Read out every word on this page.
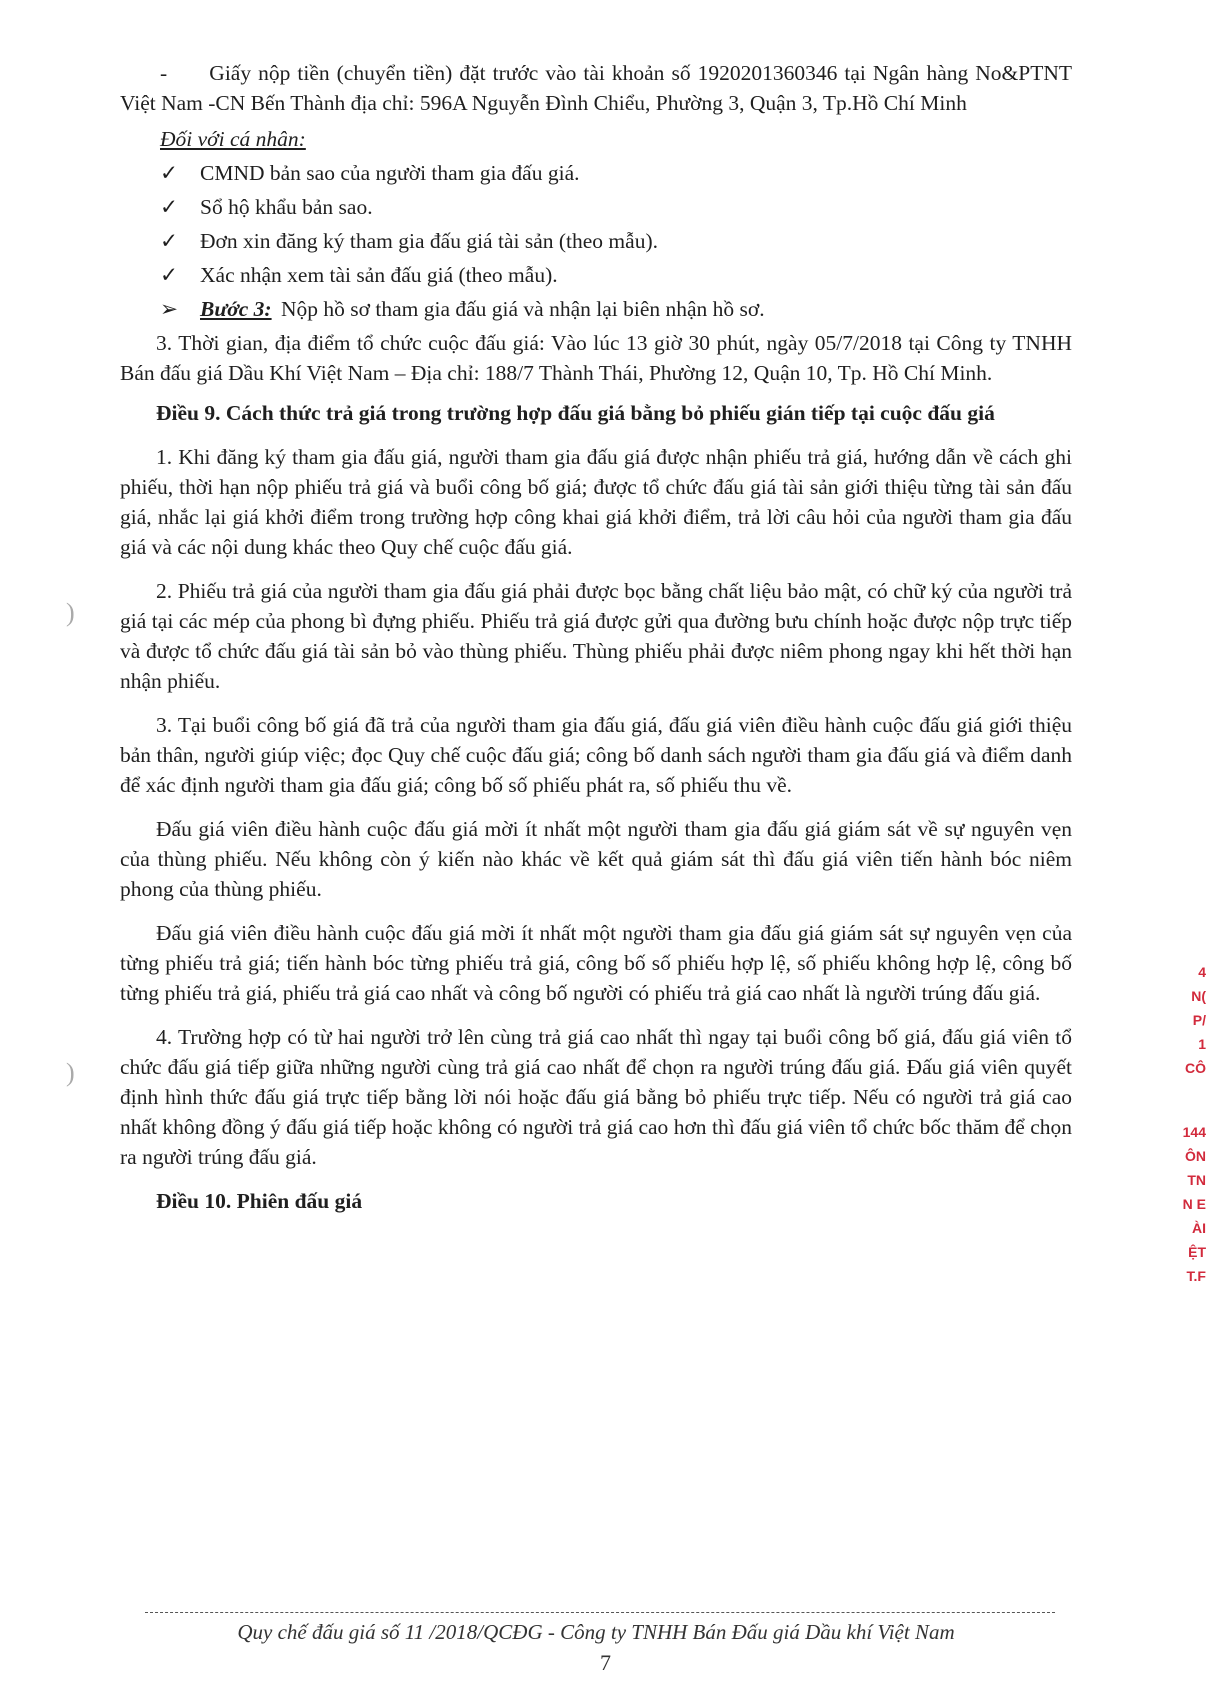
- Giấy nộp tiền (chuyển tiền) đặt trước vào tài khoản số 1920201360346 tại Ngân hàng No&PTNT Việt Nam -CN Bến Thành địa chỉ: 596A Nguyễn Đình Chiểu, Phường 3, Quận 3, Tp.Hồ Chí Minh

Đối với cá nhân:
✓	CMND bản sao của người tham gia đấu giá.
✓	Sổ hộ khẩu bản sao.
✓	Đơn xin đăng ký tham gia đấu giá tài sản (theo mẫu).
✓	Xác nhận xem tài sản đấu giá (theo mẫu).
➢	Bước 3: Nộp hồ sơ tham gia đấu giá và nhận lại biên nhận hồ sơ.

3. Thời gian, địa điểm tổ chức cuộc đấu giá: Vào lúc 13 giờ 30 phút, ngày 05/7/2018 tại Công ty TNHH Bán đấu giá Dầu Khí Việt Nam – Địa chỉ: 188/7 Thành Thái, Phường 12, Quận 10, Tp. Hồ Chí Minh.

Điều 9. Cách thức trả giá trong trường hợp đấu giá bằng bỏ phiếu gián tiếp tại cuộc đấu giá

1. Khi đăng ký tham gia đấu giá, người tham gia đấu giá được nhận phiếu trả giá, hướng dẫn về cách ghi phiếu, thời hạn nộp phiếu trả giá và buổi công bố giá; được tổ chức đấu giá tài sản giới thiệu từng tài sản đấu giá, nhắc lại giá khởi điểm trong trường hợp công khai giá khởi điểm, trả lời câu hỏi của người tham gia đấu giá và các nội dung khác theo Quy chế cuộc đấu giá.

2. Phiếu trả giá của người tham gia đấu giá phải được bọc bằng chất liệu bảo mật, có chữ ký của người trả giá tại các mép của phong bì đựng phiếu. Phiếu trả giá được gửi qua đường bưu chính hoặc được nộp trực tiếp và được tổ chức đấu giá tài sản bỏ vào thùng phiếu. Thùng phiếu phải được niêm phong ngay khi hết thời hạn nhận phiếu.

3. Tại buổi công bố giá đã trả của người tham gia đấu giá, đấu giá viên điều hành cuộc đấu giá giới thiệu bản thân, người giúp việc; đọc Quy chế cuộc đấu giá; công bố danh sách người tham gia đấu giá và điểm danh để xác định người tham gia đấu giá; công bố số phiếu phát ra, số phiếu thu về.

Đấu giá viên điều hành cuộc đấu giá mời ít nhất một người tham gia đấu giá giám sát về sự nguyên vẹn của thùng phiếu. Nếu không còn ý kiến nào khác về kết quả giám sát thì đấu giá viên tiến hành bóc niêm phong của thùng phiếu.

Đấu giá viên điều hành cuộc đấu giá mời ít nhất một người tham gia đấu giá giám sát sự nguyên vẹn của từng phiếu trả giá; tiến hành bóc từng phiếu trả giá, công bố số phiếu hợp lệ, số phiếu không hợp lệ, công bố từng phiếu trả giá, phiếu trả giá cao nhất và công bố người có phiếu trả giá cao nhất là người trúng đấu giá.

4. Trường hợp có từ hai người trở lên cùng trả giá cao nhất thì ngay tại buổi công bố giá, đấu giá viên tổ chức đấu giá tiếp giữa những người cùng trả giá cao nhất để chọn ra người trúng đấu giá. Đấu giá viên quyết định hình thức đấu giá trực tiếp bằng lời nói hoặc đấu giá bằng bỏ phiếu trực tiếp. Nếu có người trả giá cao nhất không đồng ý đấu giá tiếp hoặc không có người trả giá cao hơn thì đấu giá viên tổ chức bốc thăm để chọn ra người trúng đấu giá.

Điều 10. Phiên đấu giá

)
)
4
N(
P/
1
CÔ
144
ÔN
TN
N E
ÀI
ỆT
T.F
Quy chế đấu giá số 11 /2018/QCĐG - Công ty TNHH Bán Đấu giá Dầu khí Việt Nam
7
